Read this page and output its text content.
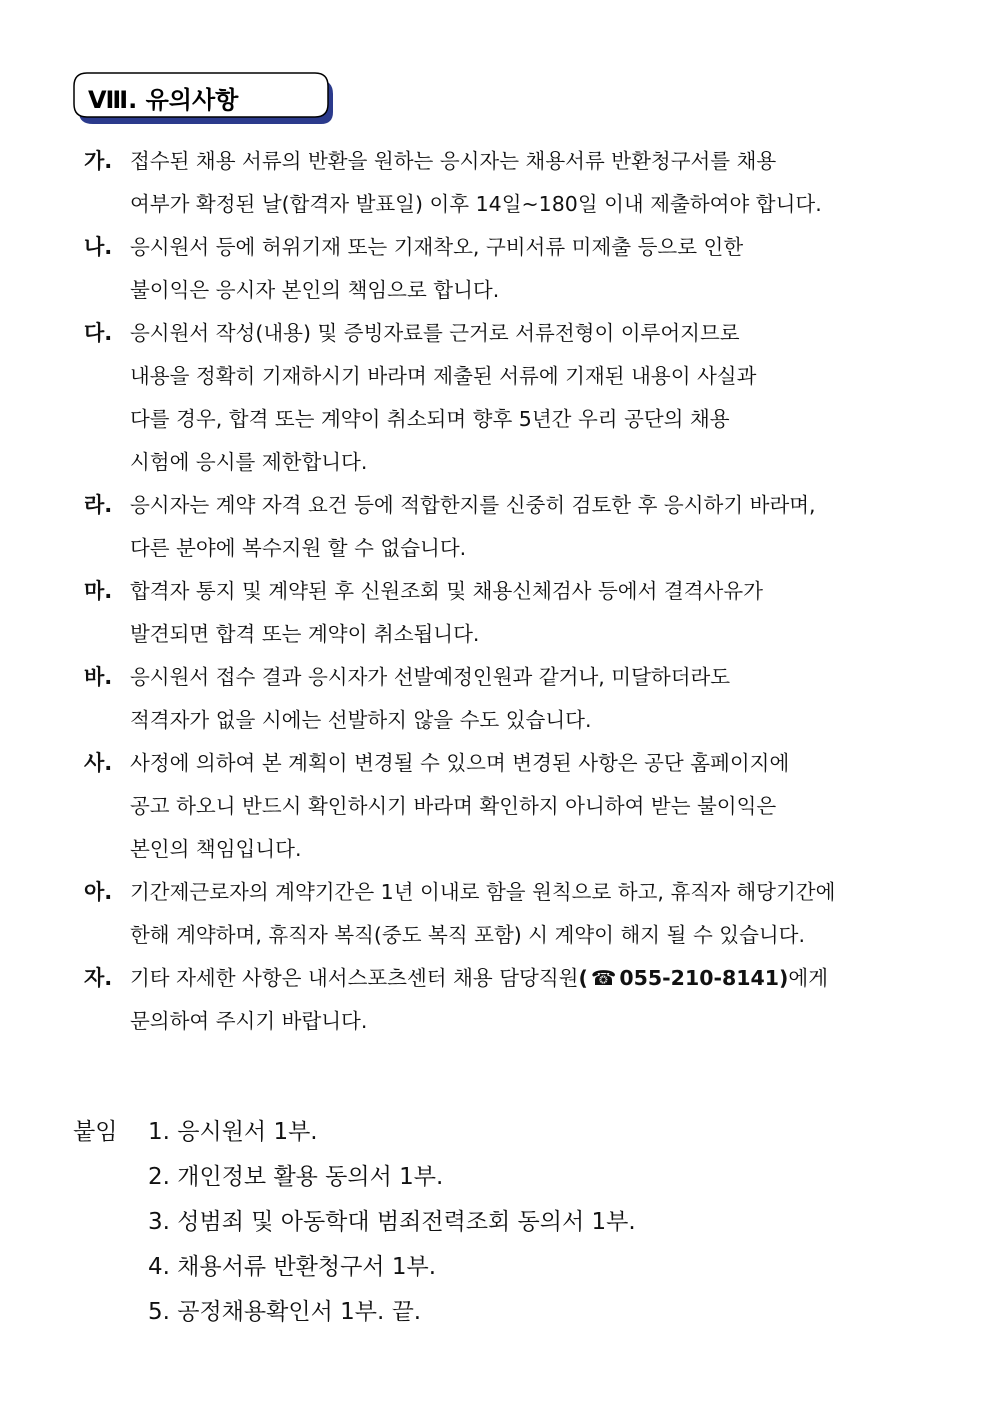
Ⅷ. 유의사항
가. 접수된 채용 서류의 반환을 원하는 응시자는 채용서류 반환청구서를 채용
여부가 확정된 날(합격자 발표일) 이후 14일~180일 이내 제출하여야 합니다.
나. 응시원서 등에 허위기재 또는 기재착오, 구비서류 미제출 등으로 인한
불이익은 응시자 본인의 책임으로 합니다.
다. 응시원서 작성(내용) 및 증빙자료를 근거로 서류전형이 이루어지므로
내용을 정확히 기재하시기 바라며 제출된 서류에 기재된 내용이 사실과
다를 경우, 합격 또는 계약이 취소되며 향후 5년간 우리 공단의 채용
시험에 응시를 제한합니다.
라. 응시자는 계약 자격 요건 등에 적합한지를 신중히 검토한 후 응시하기 바라며,
다른 분야에 복수지원 할 수 없습니다.
마. 합격자 통지 및 계약된 후 신원조회 및 채용신체검사 등에서 결격사유가
발견되면 합격 또는 계약이 취소됩니다.
바. 응시원서 접수 결과 응시자가 선발예정인원과 같거나, 미달하더라도
적격자가 없을 시에는 선발하지 않을 수도 있습니다.
사. 사정에 의하여 본 계획이 변경될 수 있으며 변경된 사항은 공단 홈페이지에
공고 하오니 반드시 확인하시기 바라며 확인하지 아니하여 받는 불이익은
본인의 책임입니다.
아. 기간제근로자의 계약기간은 1년 이내로 함을 원칙으로 하고, 휴직자 해당기간에
한해 계약하며, 휴직자 복직(중도 복직 포함) 시 계약이 해지 될 수 있습니다.
자. 기타 자세한 사항은 내서스포츠센터 채용 담당직원( ☎ 055-210-8141)에게
문의하여 주시기 바랍니다.
붙임 1. 응시원서 1부.
2. 개인정보 활용 동의서 1부.
3. 성범죄 및 아동학대 범죄전력조회 동의서 1부.
4. 채용서류 반환청구서 1부.
5. 공정채용확인서 1부. 끝.
